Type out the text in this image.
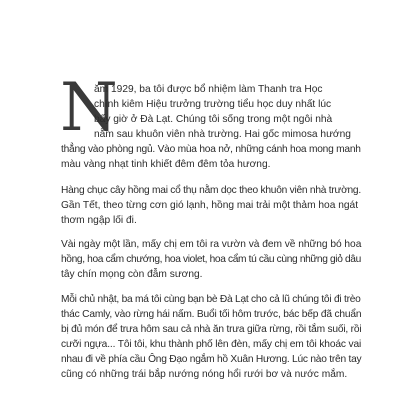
N
ăm 1929, ba tôi được bổ nhiệm làm Thanh tra Học
chính kiêm Hiệu trưởng trường tiểu học duy nhất lúc
bấy giờ ở Đà Lạt. Chúng tôi sống trong một ngôi nhà
nằm sau khuôn viên nhà trường. Hai gốc mimosa hướng
thẳng vào phòng ngủ. Vào mùa hoa nở, những cánh hoa mong manh
màu vàng nhạt tinh khiết đêm đêm tỏa hương.
Hàng chục cây hồng mai cổ thụ nằm dọc theo khuôn viên nhà trường.
Gần Tết, theo từng cơn gió lạnh, hồng mai trải một thảm hoa ngát
thơm ngập lối đi.
Vài ngày một lần, mấy chị em tôi ra vườn và đem về những bó hoa
hồng, hoa cẩm chướng, hoa violet, hoa cẩm tú cầu cùng những giỏ dâu
tây chín mọng còn đẫm sương.
Mỗi chủ nhật, ba má tôi cùng bạn bè Đà Lạt cho cả lũ chúng tôi đi trèo
thác Camly, vào rừng hái nấm. Buổi tối hôm trước, bác bếp đã chuẩn
bị đủ món để trưa hôm sau cả nhà ăn trưa giữa rừng, rồi tắm suối, rồi
cưỡi ngựa... Tôi tôi, khu thành phố lên đèn, mấy chị em tôi khoác vai
nhau đi về phía cầu Ông Đạo ngắm hồ Xuân Hương. Lúc nào trên tay
cũng có những trái bắp nướng nóng hổi rưới bơ và nước mắm.
